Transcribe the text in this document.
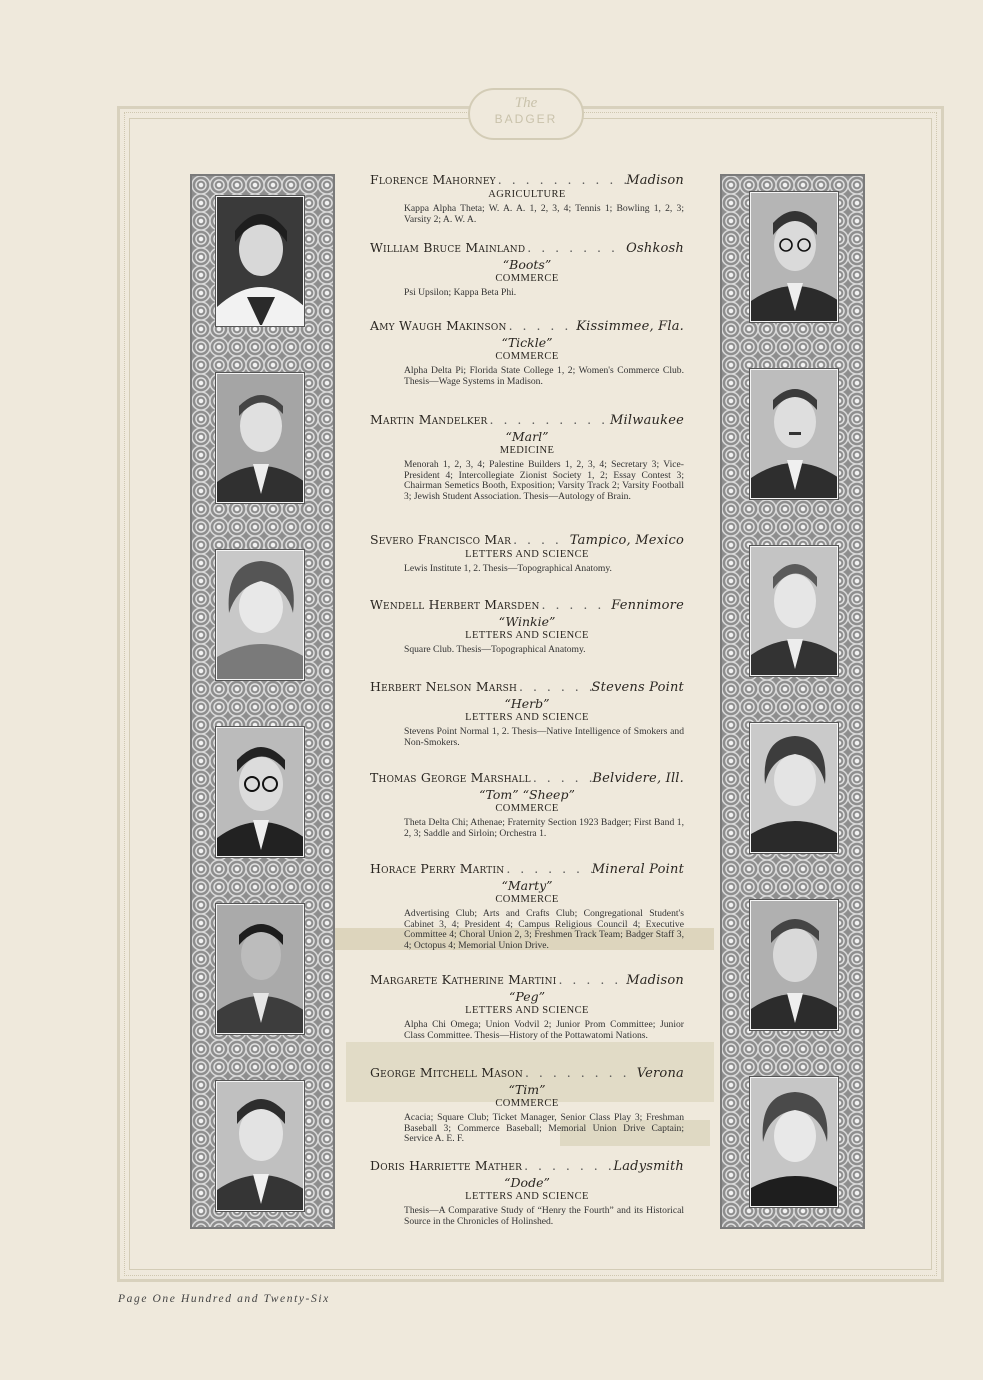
The
BADGER
Florence Mahorney . . .	Madison
AGRICULTURE
Kappa Alpha Theta; W. A. A. 1, 2, 3, 4; Tennis 1; Bowling 1, 2, 3; Varsity 2; A. W. A.
William Bruce Mainland . . .	Oshkosh
“Boots”
COMMERCE
Psi Upsilon; Kappa Beta Phi.
Amy Waugh Makinson . . .	Kissimmee, Fla.
“Tickle”
COMMERCE
Alpha Delta Pi; Florida State College 1, 2; Women's Commerce Club. Thesis—Wage Systems in Madison.
Martin Mandelker . . .	Milwaukee
“Marl”
MEDICINE
Menorah 1, 2, 3, 4; Palestine Builders 1, 2, 3, 4; Secretary 3; Vice-President 4; Intercollegiate Zionist Society 1, 2; Essay Contest 3; Chairman Semetics Booth, Exposition; Varsity Track 2; Varsity Football 3; Jewish Student Association. Thesis—Autology of Brain.
Severo Francisco Mar . . .	Tampico, Mexico
LETTERS AND SCIENCE
Lewis Institute 1, 2. Thesis—Topographical Anatomy.
Wendell Herbert Marsden . . .	Fennimore
“Winkie”
LETTERS AND SCIENCE
Square Club. Thesis—Topographical Anatomy.
Herbert Nelson Marsh . . .	Stevens Point
“Herb”
LETTERS AND SCIENCE
Stevens Point Normal 1, 2. Thesis—Native Intelligence of Smokers and Non-Smokers.
Thomas George Marshall . . .	Belvidere, Ill.
“Tom” “Sheep”
COMMERCE
Theta Delta Chi; Athenae; Fraternity Section 1923 Badger; First Band 1, 2, 3; Saddle and Sirloin; Orchestra 1.
Horace Perry Martin . . .	Mineral Point
“Marty”
COMMERCE
Advertising Club; Arts and Crafts Club; Congregational Student's Cabinet 3, 4; President 4; Campus Religious Council 4; Executive Committee 4; Choral Union 2, 3; Freshmen Track Team; Badger Staff 3, 4; Octopus 4; Memorial Union Drive.
Margarete Katherine Martini . . .	Madison
“Peg”
LETTERS AND SCIENCE
Alpha Chi Omega; Union Vodvil 2; Junior Prom Committee; Junior Class Committee. Thesis—History of the Pottawatomi Nations.
George Mitchell Mason . . .	Verona
“Tim”
COMMERCE
Acacia; Square Club; Ticket Manager, Senior Class Play 3; Freshman Baseball 3; Commerce Baseball; Memorial Union Drive Captain; Service A. E. F.
Doris Harriette Mather . . .	Ladysmith
“Dode”
LETTERS AND SCIENCE
Thesis—A Comparative Study of “Henry the Fourth” and its Historical Source in the Chronicles of Holinshed.
Page One Hundred and Twenty-Six
